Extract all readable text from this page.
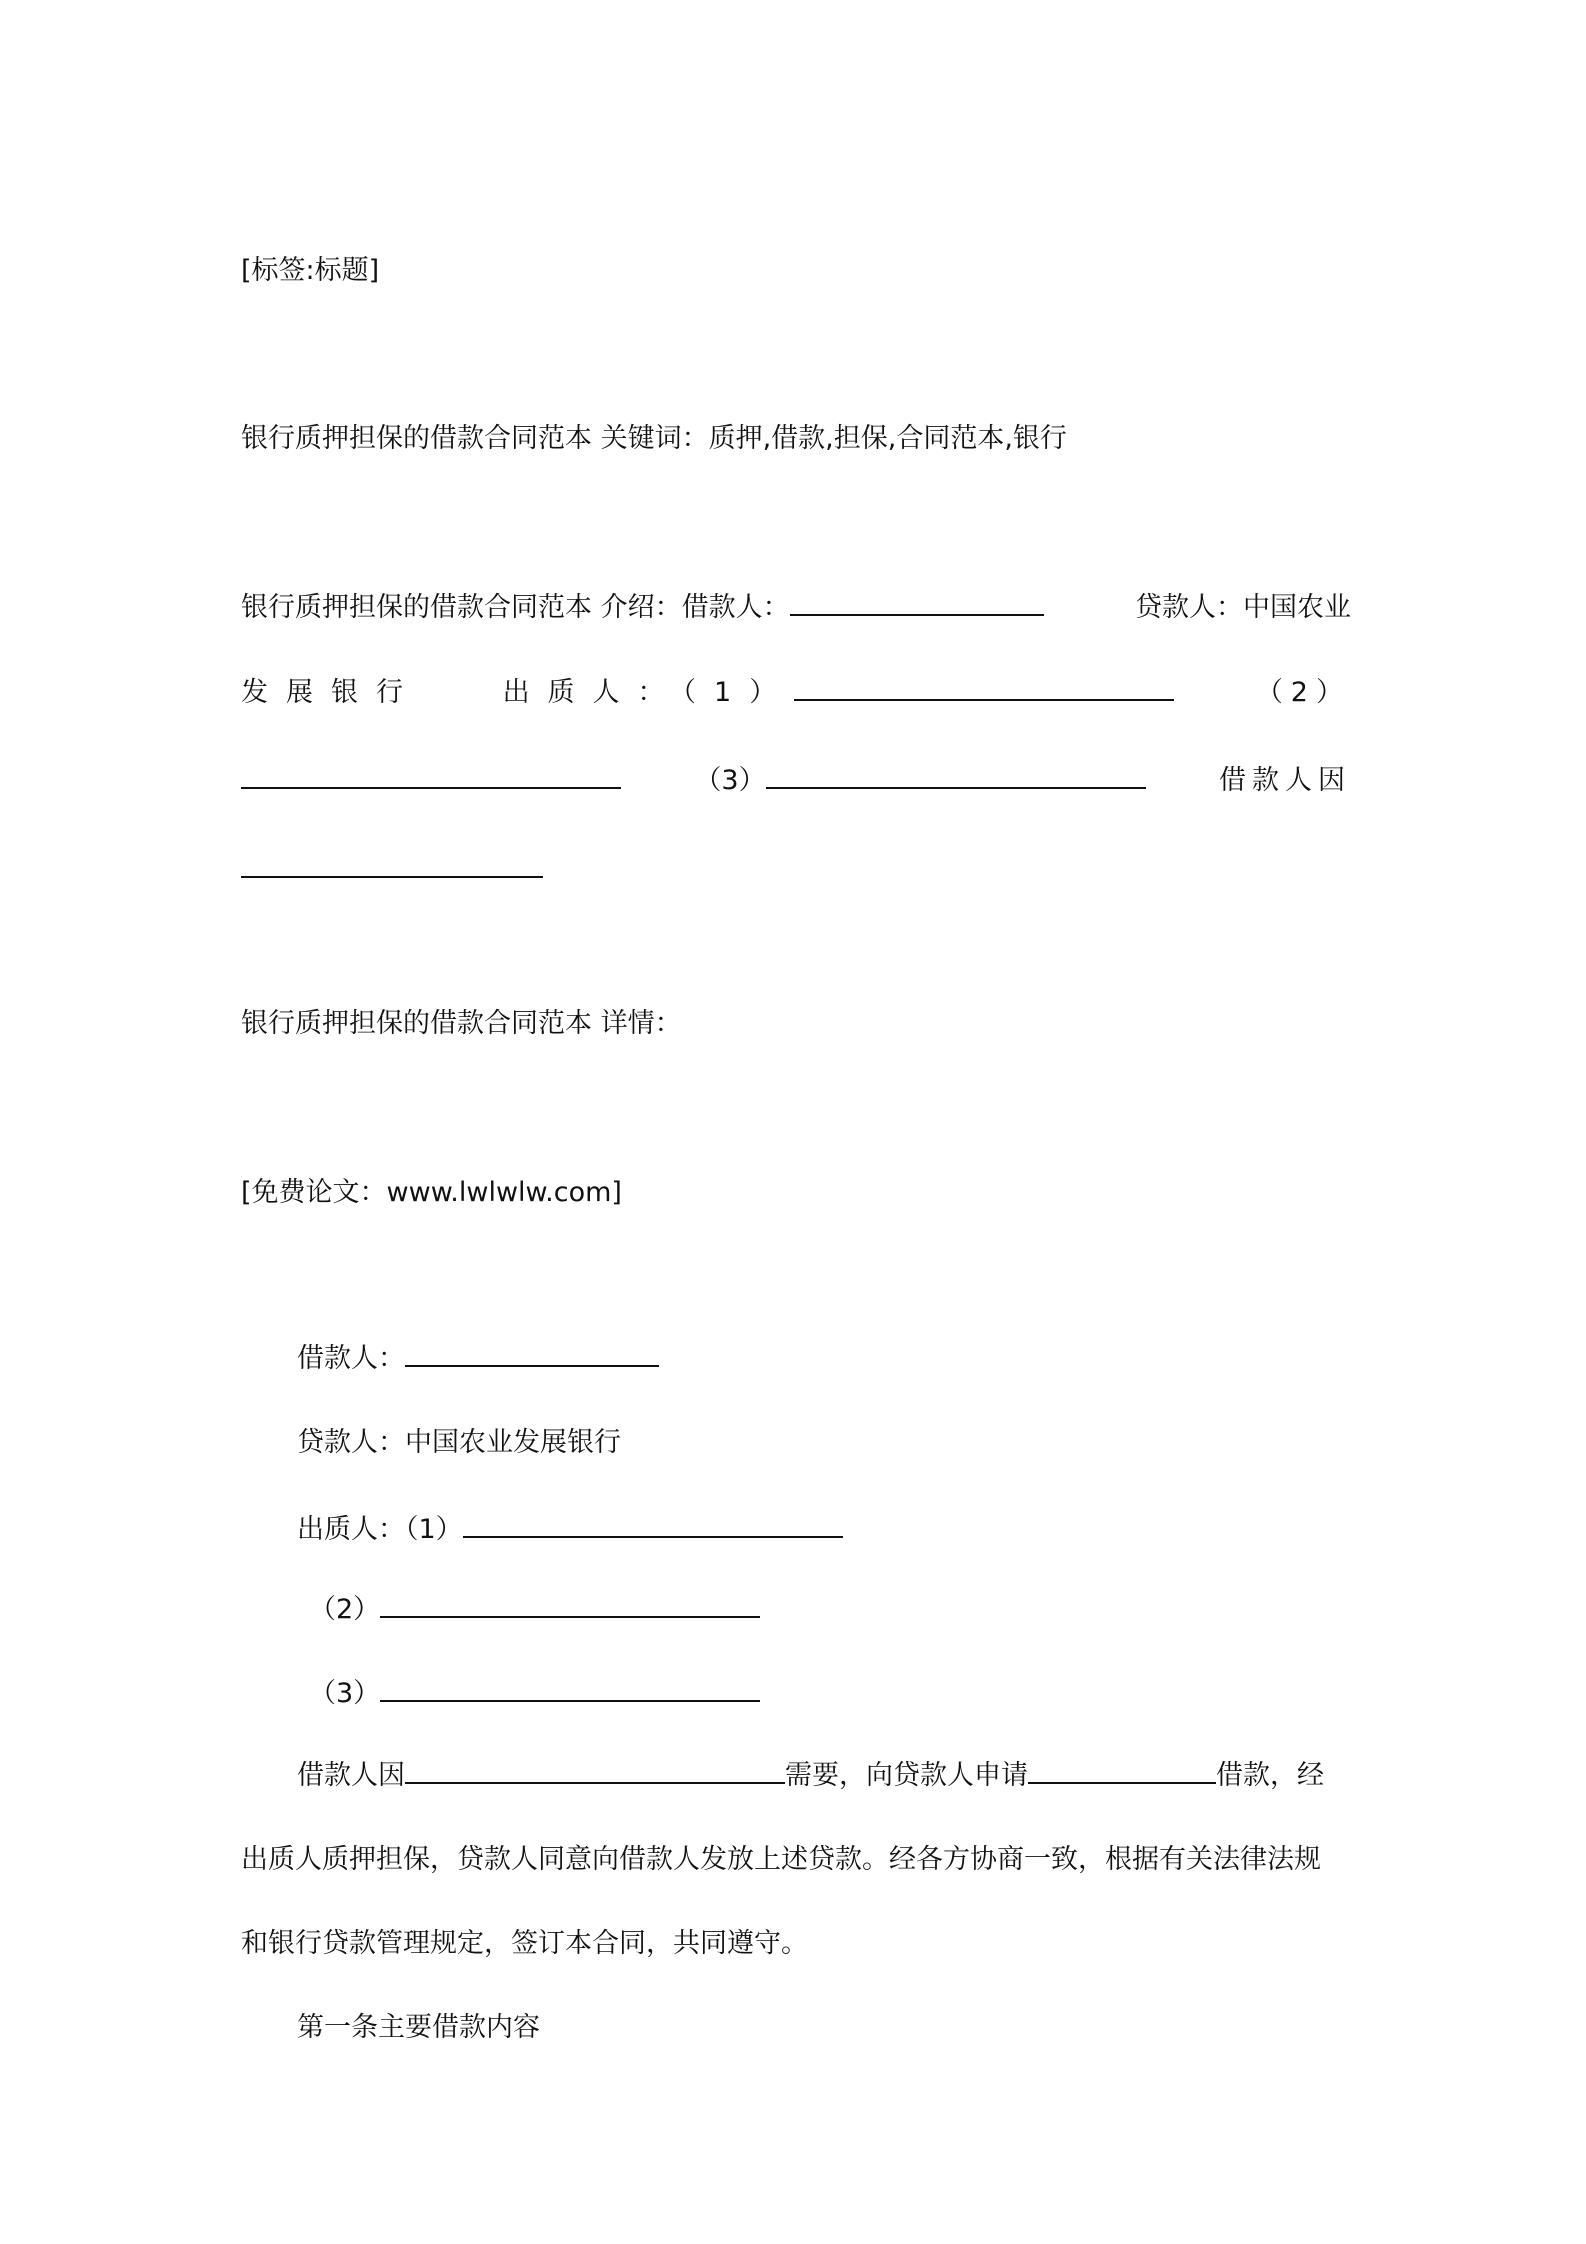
[标签:标题]
银行质押担保的借款合同范本 关键词：质押,借款,担保,合同范本,银行
银行质押担保的借款合同范本 介绍：借款人：	贷款人：中国农业
发展银行	出质人：（1）	（2）
（3）	借款人因
银行质押担保的借款合同范本 详情：
[免费论文：www.lwlwlw.com]
借款人：
贷款人：中国农业发展银行
出质人：（1）
（2）
（3）
借款人因	需要，向贷款人申请	借款，经
出质人质押担保，贷款人同意向借款人发放上述贷款。经各方协商一致，根据有关法律法规
和银行贷款管理规定，签订本合同，共同遵守。
第一条主要借款内容
